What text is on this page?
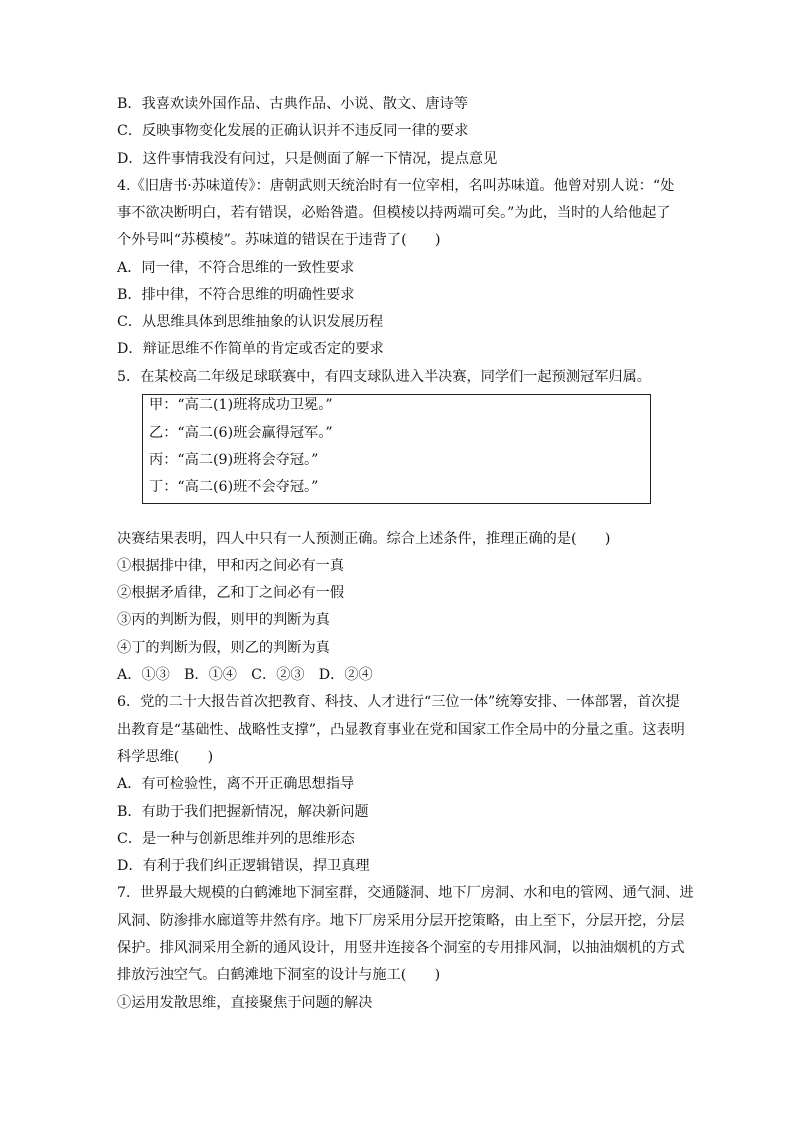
B．我喜欢读外国作品、古典作品、小说、散文、唐诗等
C．反映事物变化发展的正确认识并不违反同一律的要求
D．这件事情我没有问过，只是侧面了解一下情况，提点意见
4.《旧唐书·苏味道传》：唐朝武则天统治时有一位宰相，名叫苏味道。他曾对别人说：“处
事不欲决断明白，若有错误，必贻咎遣。但模棱以持两端可矣。”为此，当时的人给他起了
个外号叫“苏模棱”。苏味道的错误在于违背了(　　)
A．同一律，不符合思维的一致性要求
B．排中律，不符合思维的明确性要求
C．从思维具体到思维抽象的认识发展历程
D．辩证思维不作简单的肯定或否定的要求
5．在某校高二年级足球联赛中，有四支球队进入半决赛，同学们一起预测冠军归属。
甲：“高二(1)班将成功卫冕。”
乙：“高二(6)班会赢得冠军。”
丙：“高二(9)班将会夺冠。”
丁：“高二(6)班不会夺冠。”
决赛结果表明，四人中只有一人预测正确。综合上述条件，推理正确的是(　　)
①根据排中律，甲和丙之间必有一真
②根据矛盾律，乙和丁之间必有一假
③丙的判断为假，则甲的判断为真
④丁的判断为假，则乙的判断为真
A．①③　B．①④　C．②③　D．②④
6．党的二十大报告首次把教育、科技、人才进行“三位一体”统筹安排、一体部署，首次提
出教育是“基础性、战略性支撑”，凸显教育事业在党和国家工作全局中的分量之重。这表明
科学思维(　　)
A．有可检验性，离不开正确思想指导
B．有助于我们把握新情况，解决新问题
C．是一种与创新思维并列的思维形态
D．有利于我们纠正逻辑错误，捍卫真理
7．世界最大规模的白鹤滩地下洞室群，交通隧洞、地下厂房洞、水和电的管网、通气洞、进
风洞、防渗排水廊道等井然有序。地下厂房采用分层开挖策略，由上至下，分层开挖，分层
保护。排风洞采用全新的通风设计，用竖井连接各个洞室的专用排风洞，以抽油烟机的方式
排放污浊空气。白鹤滩地下洞室的设计与施工(　　)
①运用发散思维，直接聚焦于问题的解决
